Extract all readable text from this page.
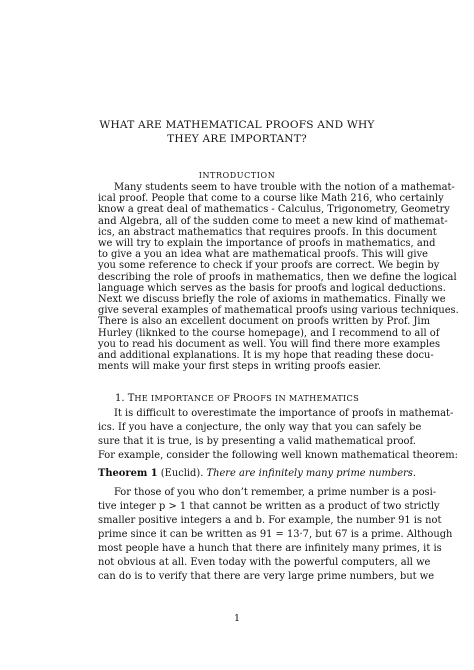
WHAT ARE MATHEMATICAL PROOFS AND WHY
THEY ARE IMPORTANT?
INTRODUCTION
Many students seem to have trouble with the notion of a mathemat-
ical proof. People that come to a course like Math 216, who certainly
know a great deal of mathematics - Calculus, Trigonometry, Geometry
and Algebra, all of the sudden come to meet a new kind of mathemat-
ics, an abstract mathematics that requires proofs. In this document
we will try to explain the importance of proofs in mathematics, and
to give a you an idea what are mathematical proofs. This will give
you some reference to check if your proofs are correct. We begin by
describing the role of proofs in mathematics, then we define the logical
language which serves as the basis for proofs and logical deductions.
Next we discuss briefly the role of axioms in mathematics. Finally we
give several examples of mathematical proofs using various techniques.
There is also an excellent document on proofs written by Prof. Jim
Hurley (liknked to the course homepage), and I recommend to all of
you to read his document as well. You will find there more examples
and additional explanations. It is my hope that reading these docu-
ments will make your first steps in writing proofs easier.
1. THE IMPORTANCE OF PROOFS IN MATHEMATICS
It is difficult to overestimate the importance of proofs in mathemat-
ics. If you have a conjecture, the only way that you can safely be
sure that it is true, is by presenting a valid mathematical proof.
For example, consider the following well known mathematical theorem:
Theorem 1 (Euclid). There are infinitely many prime numbers.
For those of you who don’t remember, a prime number is a posi-
tive integer p > 1 that cannot be written as a product of two strictly
smaller positive integers a and b. For example, the number 91 is not
prime since it can be written as 91 = 13·7, but 67 is a prime. Although
most people have a hunch that there are infinitely many primes, it is
not obvious at all. Even today with the powerful computers, all we
can do is to verify that there are very large prime numbers, but we
1
